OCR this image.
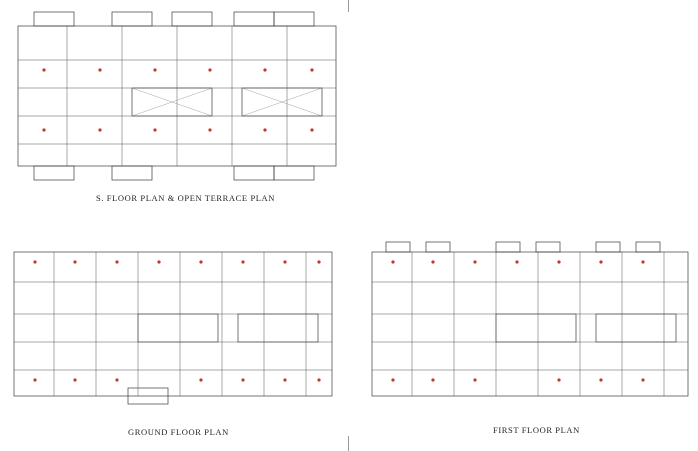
S. FLOOR PLAN & OPEN TERRACE PLAN
GROUND FLOOR PLAN	FIRST FLOOR PLAN
